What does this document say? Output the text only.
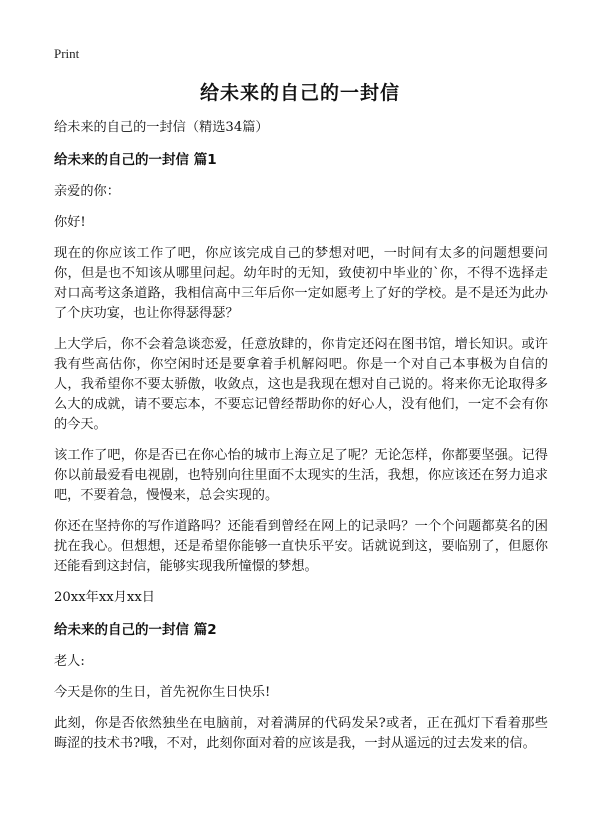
Print
给未来的自己的一封信

给未来的自己的一封信（精选34篇）

给未来的自己的一封信 篇1

亲爱的你：

你好!

现在的你应该工作了吧，你应该完成自己的梦想对吧，一时间有太多的问题想要问你，但是也不知该从哪里问起。幼年时的无知，致使初中毕业的`你，不得不选择走对口高考这条道路，我相信高中三年后你一定如愿考上了好的学校。是不是还为此办了个庆功宴，也让你得瑟得瑟？

上大学后，你不会着急谈恋爱，任意放肆的，你肯定还闷在图书馆，增长知识。或许我有些高估你，你空闲时还是要拿着手机解闷吧。你是一个对自己本事极为自信的人，我希望你不要太骄傲，收敛点，这也是我现在想对自己说的。将来你无论取得多么大的成就，请不要忘本，不要忘记曾经帮助你的好心人，没有他们，一定不会有你的今天。

该工作了吧，你是否已在你心怡的城市上海立足了呢？无论怎样，你都要坚强。记得你以前最爱看电视剧，也特别向往里面不太现实的生活，我想，你应该还在努力追求吧，不要着急，慢慢来，总会实现的。

你还在坚持你的写作道路吗？还能看到曾经在网上的记录吗？一个个问题都莫名的困扰在我心。但想想，还是希望你能够一直快乐平安。话就说到这，要临别了，但愿你还能看到这封信，能够实现我所憧憬的梦想。

20xx年xx月xx日

给未来的自己的一封信 篇2

老人:

今天是你的生日，首先祝你生日快乐!

此刻，你是否依然独坐在电脑前，对着满屏的代码发呆?或者，正在孤灯下看着那些晦涩的技术书?哦，不对，此刻你面对着的应该是我，一封从遥远的过去发来的信。
